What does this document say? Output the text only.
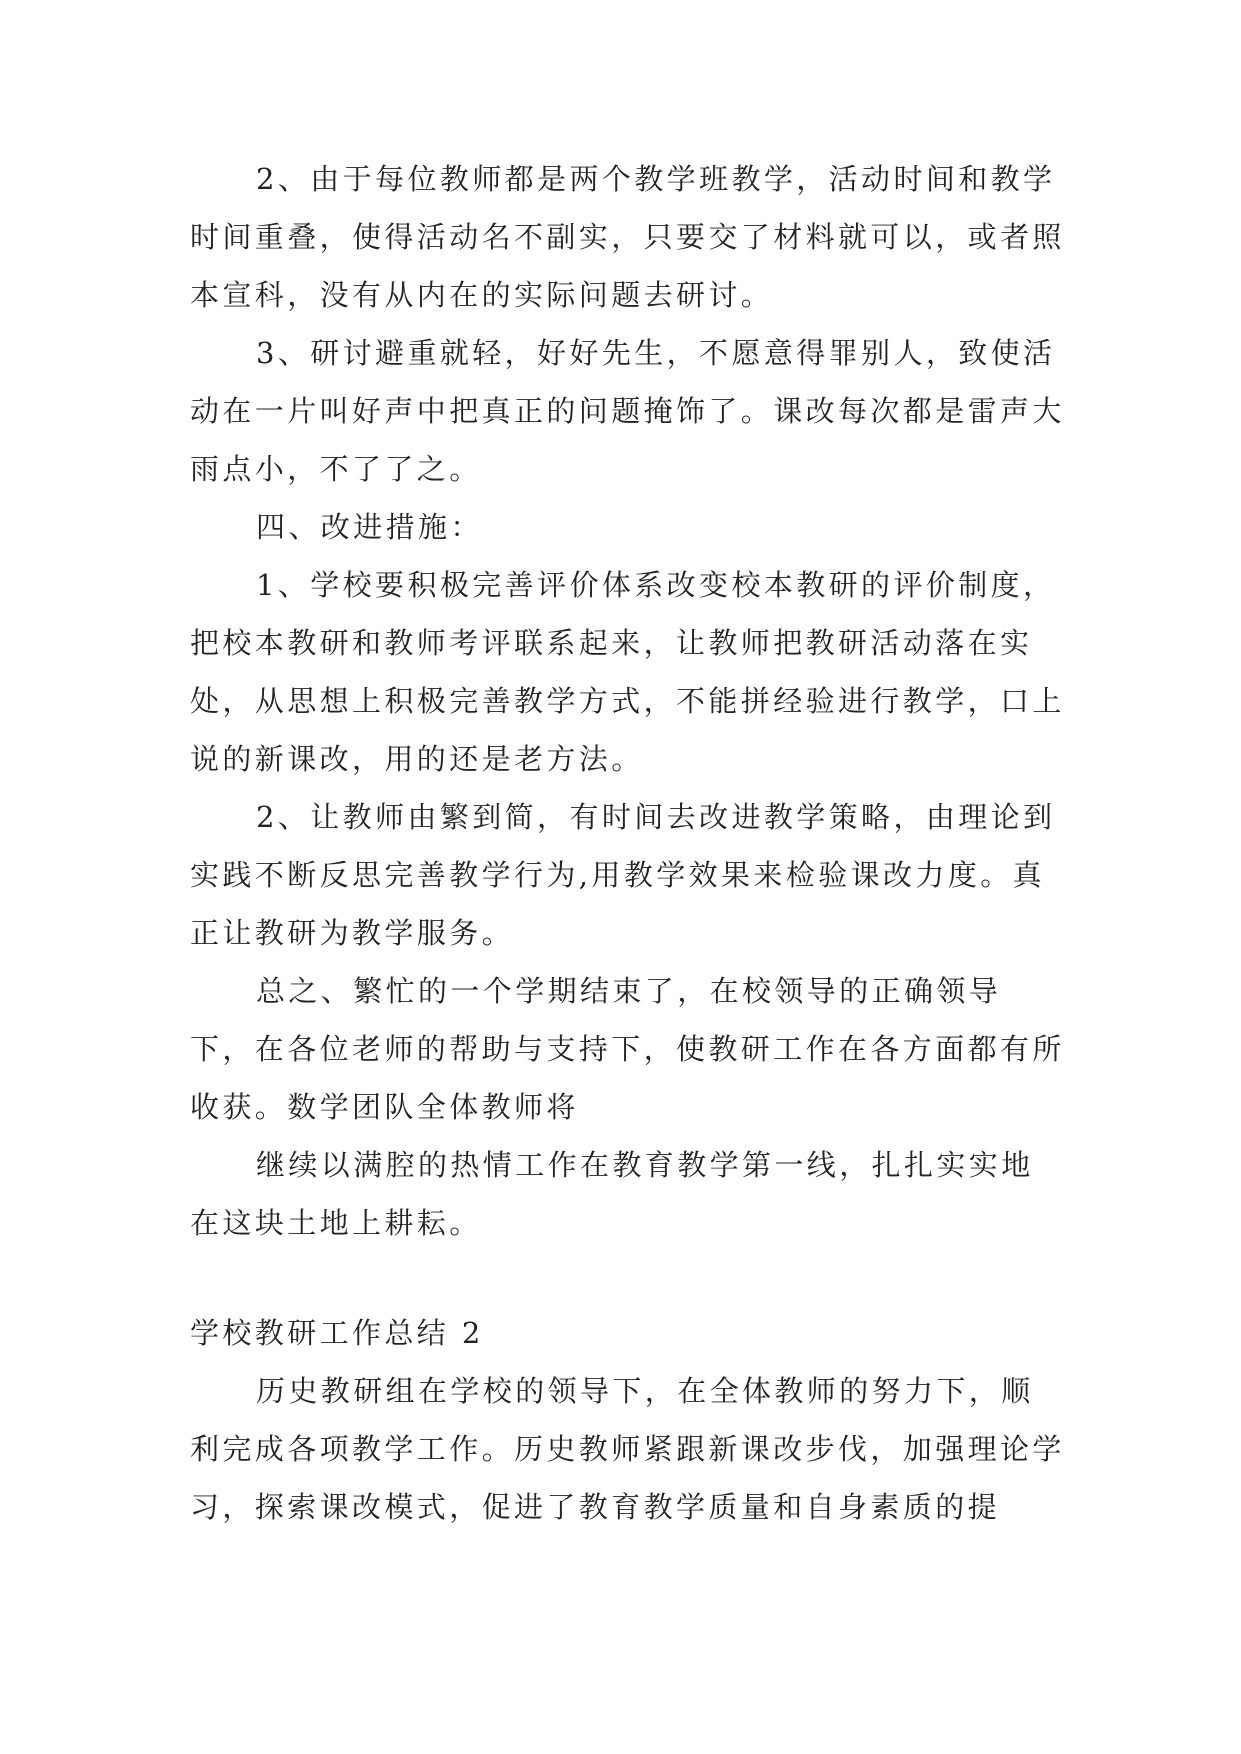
2、由于每位教师都是两个教学班教学，活动时间和教学时间重叠，使得活动名不副实，只要交了材料就可以，或者照本宣科，没有从内在的实际问题去研讨。

3、研讨避重就轻，好好先生，不愿意得罪别人，致使活动在一片叫好声中把真正的问题掩饰了。课改每次都是雷声大雨点小，不了了之。

四、改进措施：

1、学校要积极完善评价体系改变校本教研的评价制度，把校本教研和教师考评联系起来，让教师把教研活动落在实处，从思想上积极完善教学方式，不能拼经验进行教学，口上说的新课改，用的还是老方法。

2、让教师由繁到简，有时间去改进教学策略，由理论到实践不断反思完善教学行为,用教学效果来检验课改力度。真正让教研为教学服务。

总之、繁忙的一个学期结束了，在校领导的正确领导下，在各位老师的帮助与支持下，使教研工作在各方面都有所收获。数学团队全体教师将

继续以满腔的热情工作在教育教学第一线，扎扎实实地在这块土地上耕耘。

学校教研工作总结 2

历史教研组在学校的领导下，在全体教师的努力下，顺利完成各项教学工作。历史教师紧跟新课改步伐，加强理论学习，探索课改模式，促进了教育教学质量和自身素质的提
